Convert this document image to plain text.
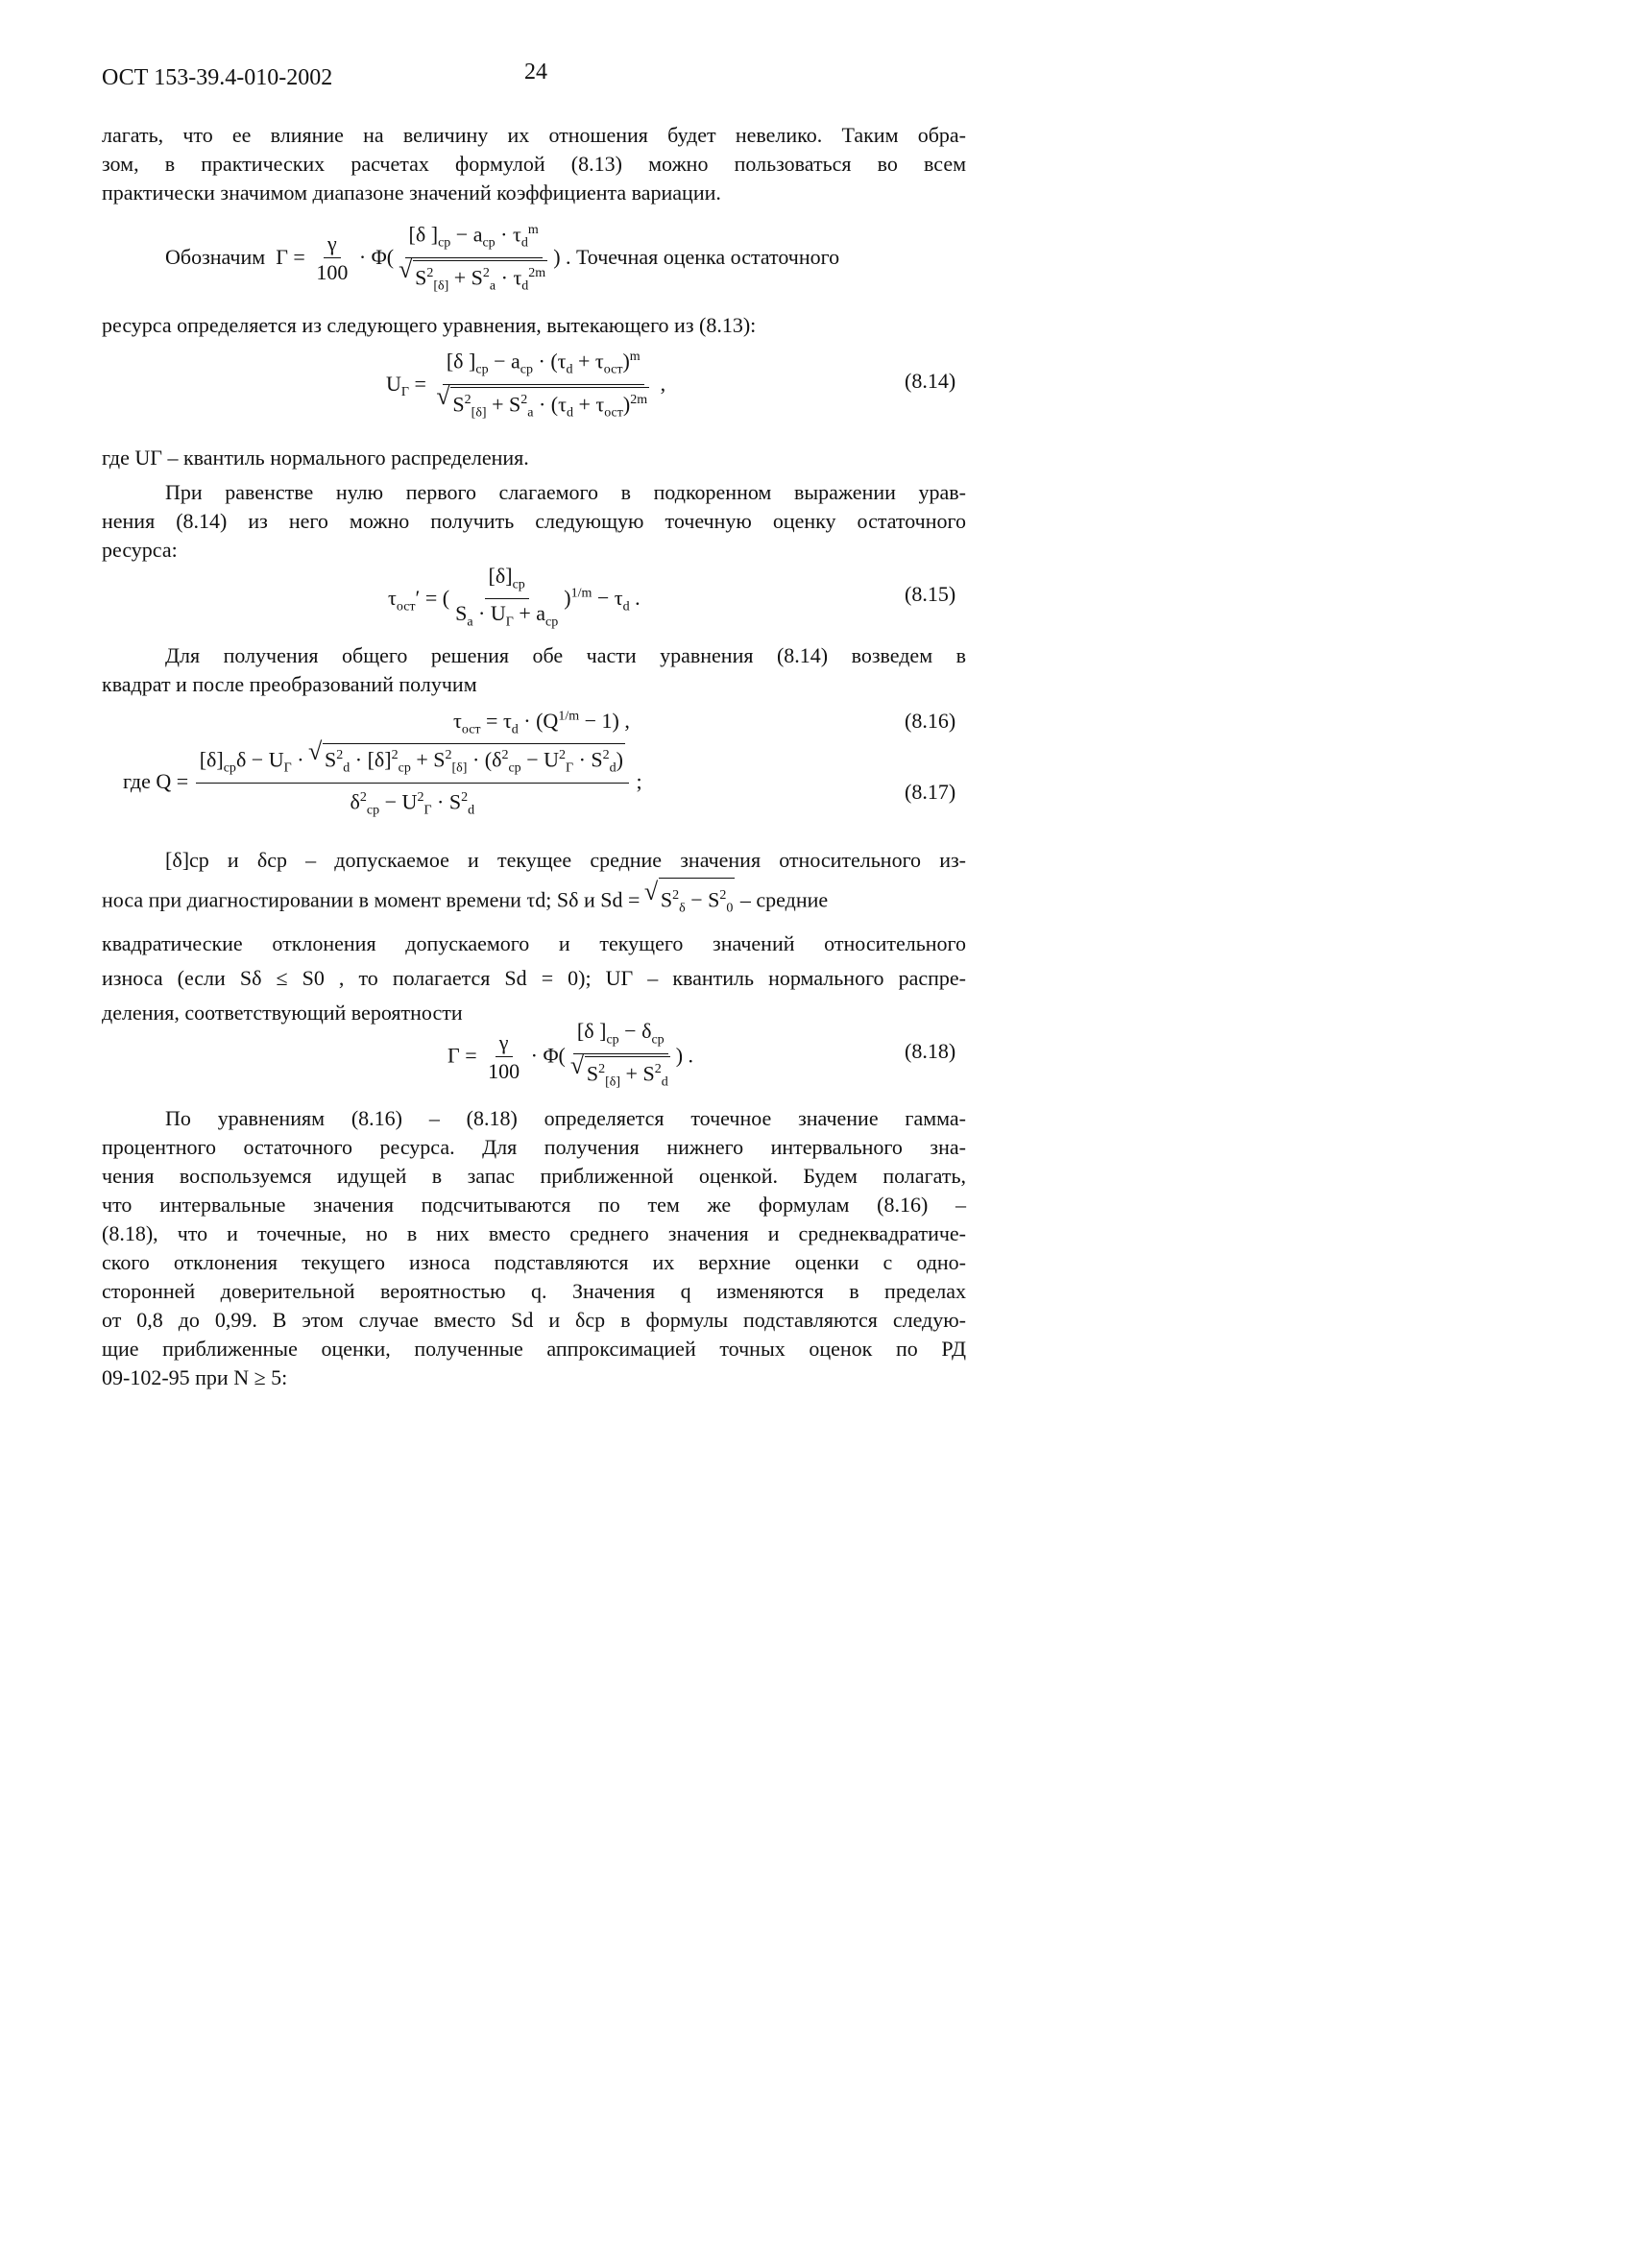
ОСТ 153-39.4-010-2002	24
лагать, что ее влияние на величину их отношения будет невелико. Таким обра-
зом, в практических расчетах формулой (8.13) можно пользоваться во всем
практически значимом диапазоне значений коэффициента вариации.
Обозначим  $\Gamma = \frac{\gamma}{100} \cdot \Phi$( [δ ]$_{ср} - a_{ср} \cdot \tau_d^m$
√ $S^2_{[\delta]} + S^2_a \cdot \tau_d^{2m}$ ) . Точечная оценка остаточного
ресурса определяется из следующего уравнения, вытекающего из (8.13):
$U_\Gamma = [\delta$ ]$_{ср} - a_{ср} \cdot (\tau_d + \tau_{ост})^m$
√ $S^2_{[\delta]} + S^2_a \cdot (\tau_d + \tau_{ост})^{2m}$ ,	(8.14)
где UΓ – квантиль нормального распределения.
При равенстве нулю первого слагаемого в подкоренном выражении урав-
нения (8.14) из него можно получить следующую точечную оценку остаточного
ресурса:
$\tau_{ост}'$ = ( $\frac{[\delta]_{ср}}{S_a \cdot U_\Gamma + a_{ср}} )^{1/m} - \tau_d$ .	(8.15)
Для получения общего решения обе части уравнения (8.14) возведем в
квадрат и после преобразований получим
$\tau_{ост} = \tau_d \cdot (Q^{1/m} - 1)$ ,	(8.16)
где $Q = \frac{[\delta]_{ср}\delta - U_\Gamma \cdot √ S^2_d \cdot [\delta]^2_{ср} + S^2_{[\delta]} \cdot (\delta^2_{ср} - U^2_\Gamma \cdot S^2_d)}{\delta^2_{ср} - U^2_\Gamma \cdot S^2_d}$ ;	(8.17)
[δ]ср и δср – допускаемое и текущее средние значения относительного из-
носа при диагностировании в момент времени τd; Sδ и Sd = √ $S^2_\delta - S^2_0$ – средние
квадратические отклонения допускаемого и текущего значений относительного
износа (если Sδ ≤ S0 , то полагается Sd = 0); UΓ – квантиль нормального распре-
деления, соответствующий вероятности
$\Gamma = \frac{\gamma}{100} \cdot \Phi$( [δ ]$_{ср} - \delta_{ср}$
√ $S^2_{[\delta]} + S^2_d$ ) .	(8.18)
По уравнениям (8.16) – (8.18) определяется точечное значение гамма-
процентного остаточного ресурса. Для получения нижнего интервального зна-
чения воспользуемся идущей в запас приближенной оценкой. Будем полагать,
что интервальные значения подсчитываются по тем же формулам (8.16) –
(8.18), что и точечные, но в них вместо среднего значения и среднеквадратиче-
ского отклонения текущего износа подставляются их верхние оценки с одно-
сторонней доверительной вероятностью q. Значения q изменяются в пределах
от 0,8 до 0,99. В этом случае вместо Sd и δср в формулы подставляются следую-
щие приближенные оценки, полученные аппроксимацией точных оценок по РД
09-102-95 при N ≥ 5:
